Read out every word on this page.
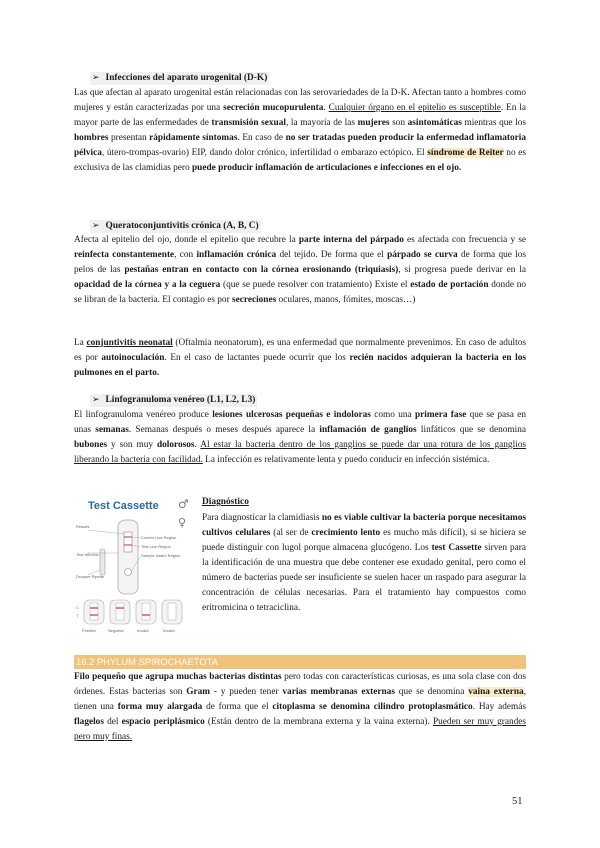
➢ Infecciones del aparato urogenital (D-K)

Las que afectan al aparato urogenital están relacionadas con las serovariedades de la D-K. Afectan tanto a hombres como mujeres y están caracterizadas por una secreción mucopurulenta. Cualquier órgano en el epitelio es susceptible. En la mayor parte de las enfermedades de transmisión sexual, la mayoría de las mujeres son asintomáticas mientras que los hombres presentan rápidamente síntomas. En caso de no ser tratadas pueden producir la enfermedad inflamatoria pélvica, útero-trompas-ovario) EIP, dando dolor crónico, infertilidad o embarazo ectópico. El síndrome de Reiter no es exclusiva de las clamidias pero puede producir inflamación de articulaciones e infecciones en el ojo.

➢ Queratoconjuntivitis crónica (A, B, C)

Afecta al epitelio del ojo, donde el epitelio que recubre la parte interna del párpado es afectada con frecuencia y se reinfecta constantemente, con inflamación crónica del tejido. De forma que el párpado se curva de forma que los pelos de las pestañas entran en contacto con la córnea erosionando (triquiasis), si progresa puede derivar en la opacidad de la córnea y a la ceguera (que se puede resolver con tratamiento) Existe el estado de portación donde no se libran de la bacteria. El contagio es por secreciones oculares, manos, fómites, moscas…)

La conjuntivitis neonatal (Oftalmia neonatorum), es una enfermedad que normalmente prevenimos. En caso de adultos es por autoinoculación. En el caso de lactantes puede ocurrir que los recién nacidos adquieran la bacteria en los pulmones en el parto.

➢ Linfogranuloma venéreo (L1, L2, L3)

El linfogranuloma venéreo produce lesiones ulcerosas pequeñas e indoloras como una primera fase que se pasa en unas semanas. Semanas después o meses después aparece la inflamación de ganglios linfáticos que se denomina bubones y son muy dolorosos. Al estar la bacteria dentro de los ganglios se puede dar una rotura de los ganglios liberando la bacteria con facilidad. La infección es relativamente lenta y puedo conducir en infección sistémica.

Test Cassette ♂
♀
Results
Test Window
Dropper Pipette
Control Line Region
Test Line Region
Sample Intake Region
C
T
Positive	Negative	Invalid	Invalid
Diagnóstico

Para diagnosticar la clamidiasis no es viable cultivar la bacteria porque necesitamos cultivos celulares (al ser de crecimiento lento es mucho más difícil), si se hiciera se puede distinguir con lugol porque almacena glucógeno. Los test Cassette sirven para la identificación de una muestra que debe contener ese exudado genital, pero como el número de bacterias puede ser insuficiente se suelen hacer un raspado para asegurar la concentración de células necesarias. Para el tratamiento hay compuestos como eritromicina o tetraciclina.

16.2 PHYLUM SPIROCHAETOTA

Filo pequeño que agrupa muchas bacterias distintas pero todas con características curiosas, es una sola clase con dos órdenes. Estas bacterias son Gram - y pueden tener varias membranas externas que se denomina vaina externa, tienen una forma muy alargada de forma que el citoplasma se denomina cilindro protoplasmático. Hay además flagelos del espacio periplásmico (Están dentro de la membrana externa y la vaina externa). Pueden ser muy grandes pero muy finas.

51
